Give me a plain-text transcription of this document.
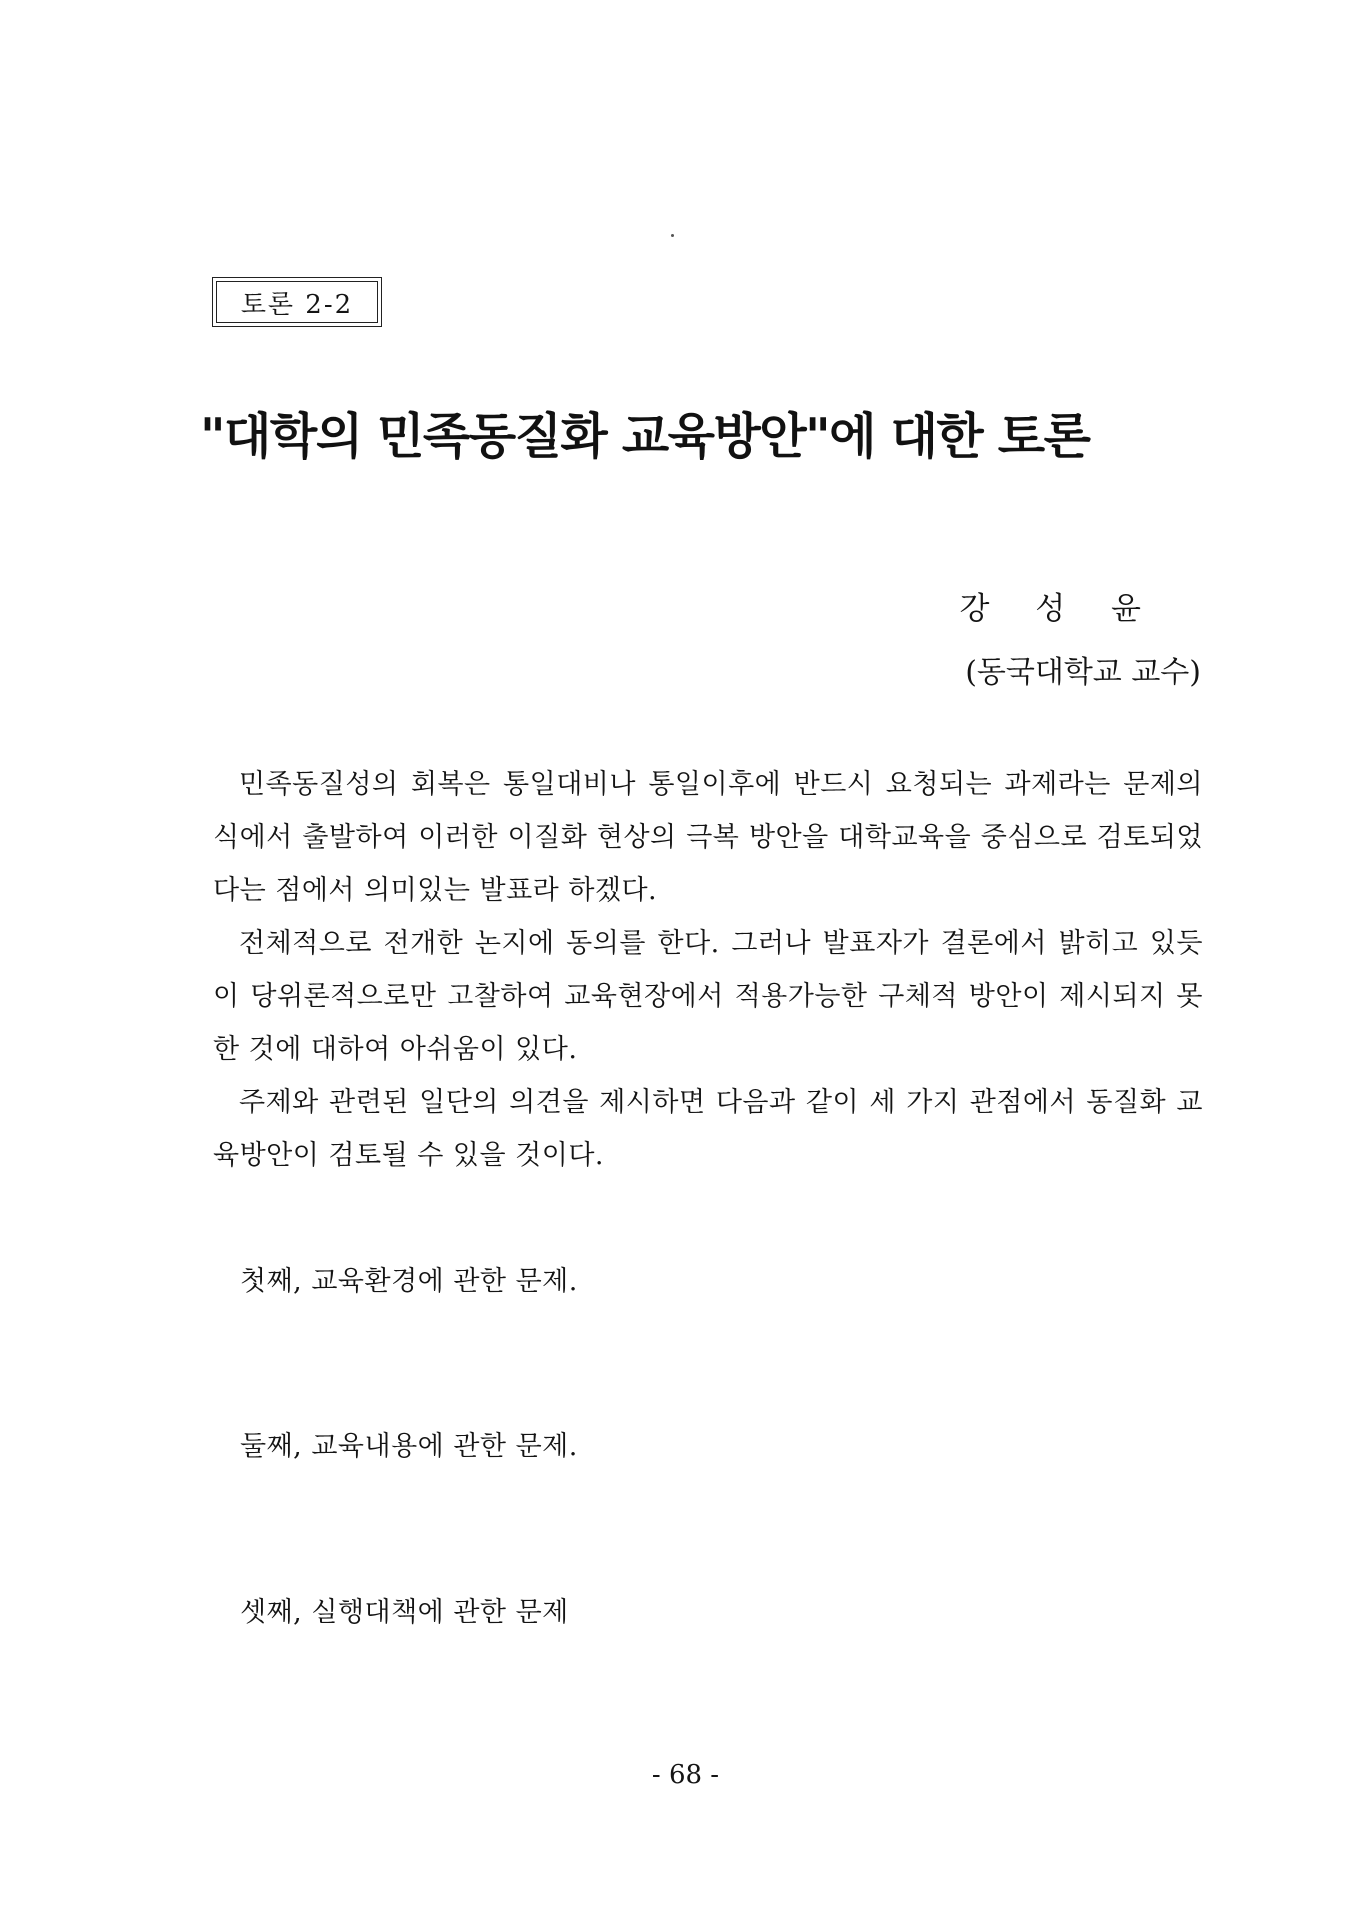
토론 2-2
"대학의 민족동질화 교육방안"에 대한 토론
강 성 윤
(동국대학교 교수)

민족동질성의 회복은 통일대비나 통일이후에 반드시 요청되는 과제라는 문제의식에서 출발하여 이러한 이질화 현상의 극복 방안을 대학교육을 중심으로 검토되었다는 점에서 의미있는 발표라 하겠다.

전체적으로 전개한 논지에 동의를 한다. 그러나 발표자가 결론에서 밝히고 있듯이 당위론적으로만 고찰하여 교육현장에서 적용가능한 구체적 방안이 제시되지 못한 것에 대하여 아쉬움이 있다.

주제와 관련된 일단의 의견을 제시하면 다음과 같이 세 가지 관점에서 동질화 교육방안이 검토될 수 있을 것이다.

첫째, 교육환경에 관한 문제.
둘째, 교육내용에 관한 문제.
셋째, 실행대책에 관한 문제
- 68 -
